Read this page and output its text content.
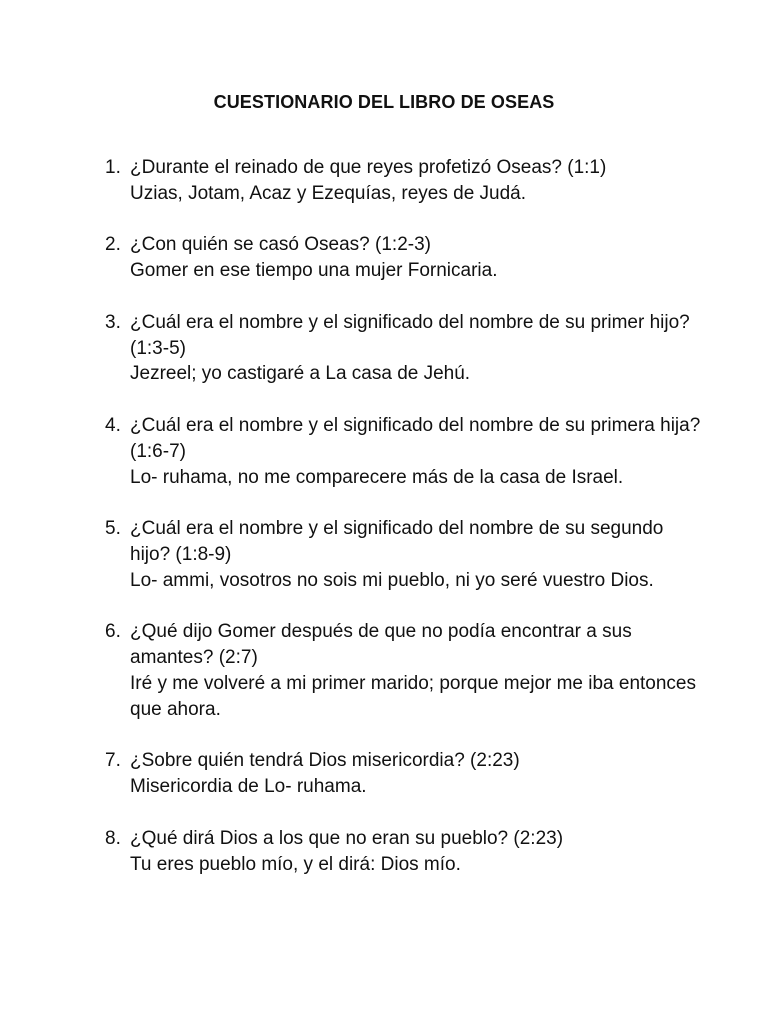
CUESTIONARIO DEL LIBRO DE OSEAS
1. ¿Durante el reinado de que reyes profetizó Oseas? (1:1)
Uzias, Jotam, Acaz y Ezequías, reyes de Judá.
2. ¿Con quién se casó Oseas? (1:2-3)
Gomer en ese tiempo una mujer Fornicaria.
3. ¿Cuál era el nombre y el significado del nombre de su primer hijo? (1:3-5)
Jezreel; yo castigaré a La casa de Jehú.
4. ¿Cuál era el nombre y el significado del nombre de su primera hija? (1:6-7)
Lo- ruhama, no me comparecere más de la casa de Israel.
5. ¿Cuál era el nombre y el significado del nombre de su segundo hijo? (1:8-9)
Lo- ammi, vosotros no sois mi pueblo, ni yo seré vuestro Dios.
6. ¿Qué dijo Gomer después de que no podía encontrar a sus amantes? (2:7)
Iré y me volveré a mi primer marido; porque mejor me iba entonces que ahora.
7. ¿Sobre quién tendrá Dios misericordia? (2:23)
Misericordia de Lo- ruhama.
8. ¿Qué dirá Dios a los que no eran su pueblo? (2:23)
Tu eres pueblo mío, y el dirá: Dios mío.
